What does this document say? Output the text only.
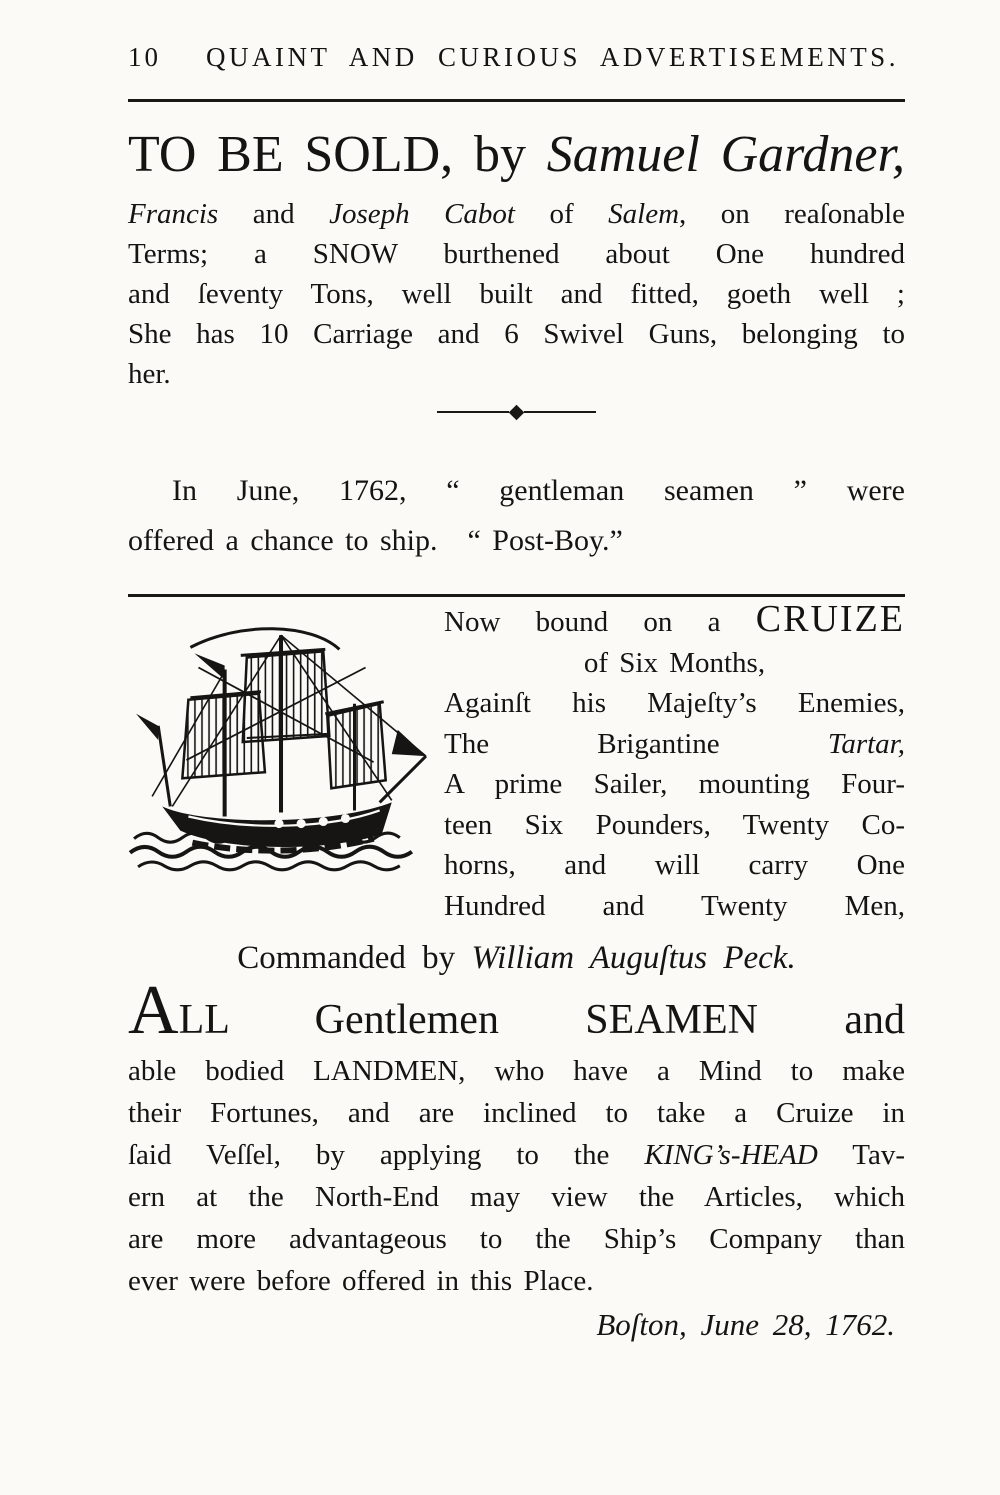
10	QUAINT AND CURIOUS ADVERTISEMENTS.
TO BE SOLD, by Samuel Gardner,
Francis and Joseph Cabot of Salem, on reaſonable
Terms; a SNOW burthened about One hundred
and ſeventy Tons, well built and fitted, goeth well ;
She has 10 Carriage and 6 Swivel Guns, belonging to
her.
In June, 1762, “ gentleman seamen ” were
offered a chance to ship. “ Post-Boy.”
Now bound on a CRUIZE
of Six Months,
Againſt his Majeſty’s Enemies,
The Brigantine Tartar,
A prime Sailer, mounting Four-
teen Six Pounders, Twenty Co-
horns, and will carry One
Hundred and Twenty Men,
Commanded by William Auguſtus Peck.
A LL Gentlemen SEAMEN and
able bodied LANDMEN, who have a Mind to make
their Fortunes, and are inclined to take a Cruize in
ſaid Veſſel, by applying to the KING’s-HEAD Tav-
ern at the North-End may view the Articles, which
are more advantageous to the Ship’s Company than
ever were before offered in this Place.
Boſton, June 28, 1762.
